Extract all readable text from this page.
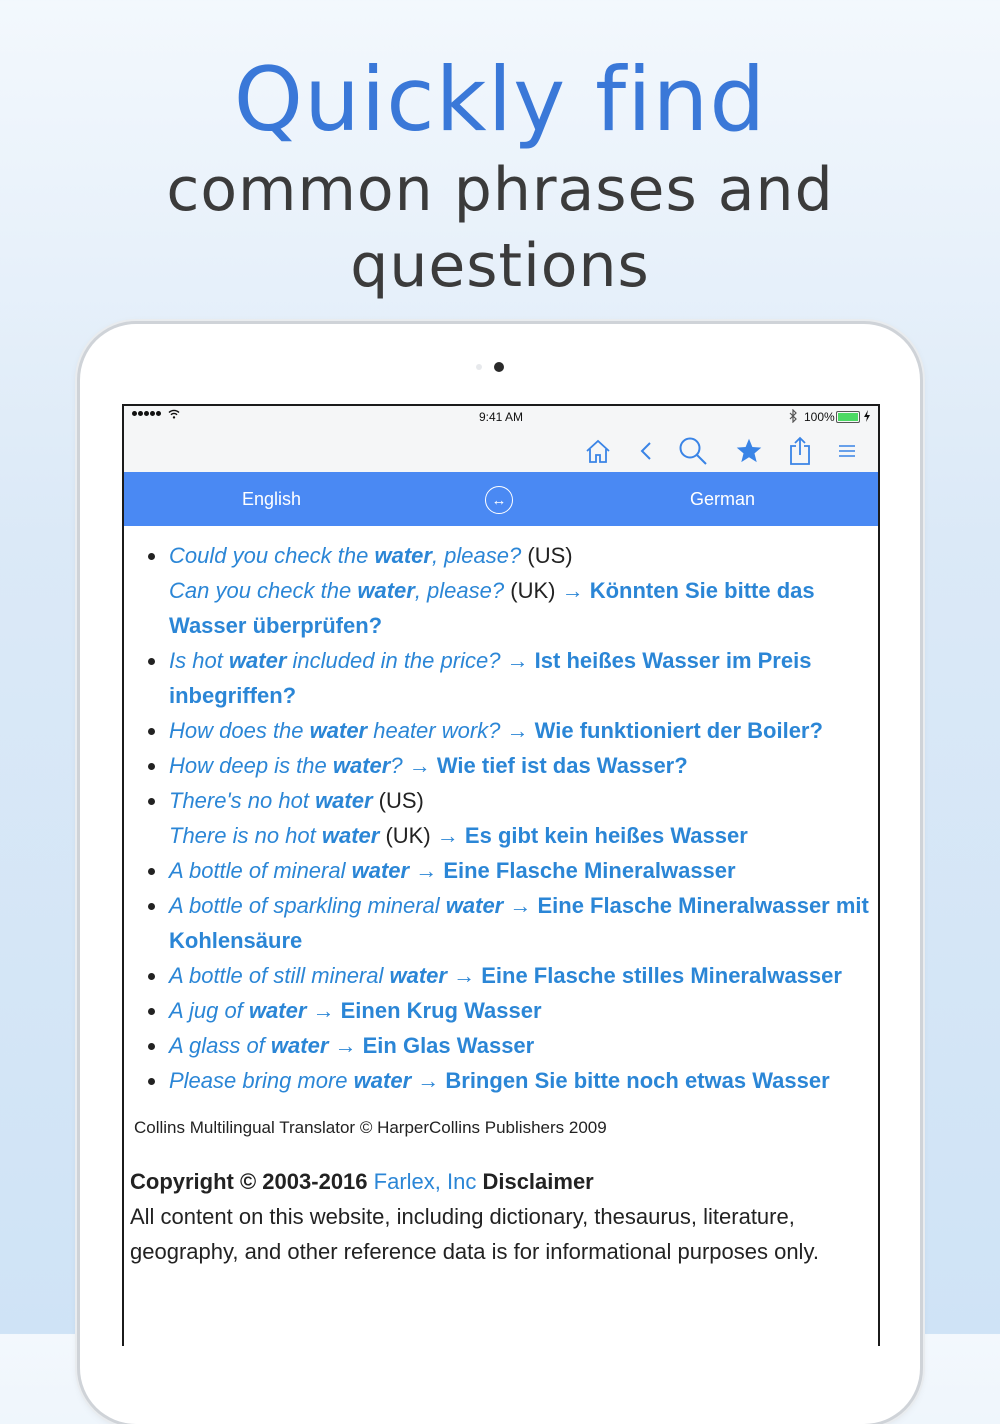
Quickly find
common phrases and
questions
9:41 AM	100%
English	↔	German
Could you check the water, please? (US)
Can you check the water, please? (UK) → Könnten Sie bitte das Wasser überprüfen?
Is hot water included in the price? → Ist heißes Wasser im Preis inbegriffen?
How does the water heater work? → Wie funktioniert der Boiler?
How deep is the water? → Wie tief ist das Wasser?
There's no hot water (US)
There is no hot water (UK) → Es gibt kein heißes Wasser
A bottle of mineral water → Eine Flasche Mineralwasser
A bottle of sparkling mineral water → Eine Flasche Mineralwasser mit Kohlensäure
A bottle of still mineral water → Eine Flasche stilles Mineralwasser
A jug of water → Einen Krug Wasser
A glass of water → Ein Glas Wasser
Please bring more water → Bringen Sie bitte noch etwas Wasser
Collins Multilingual Translator © HarperCollins Publishers 2009
Copyright © 2003-2016 Farlex, Inc Disclaimer
All content on this website, including dictionary, thesaurus, literature, geography, and other reference data is for informational purposes only.
